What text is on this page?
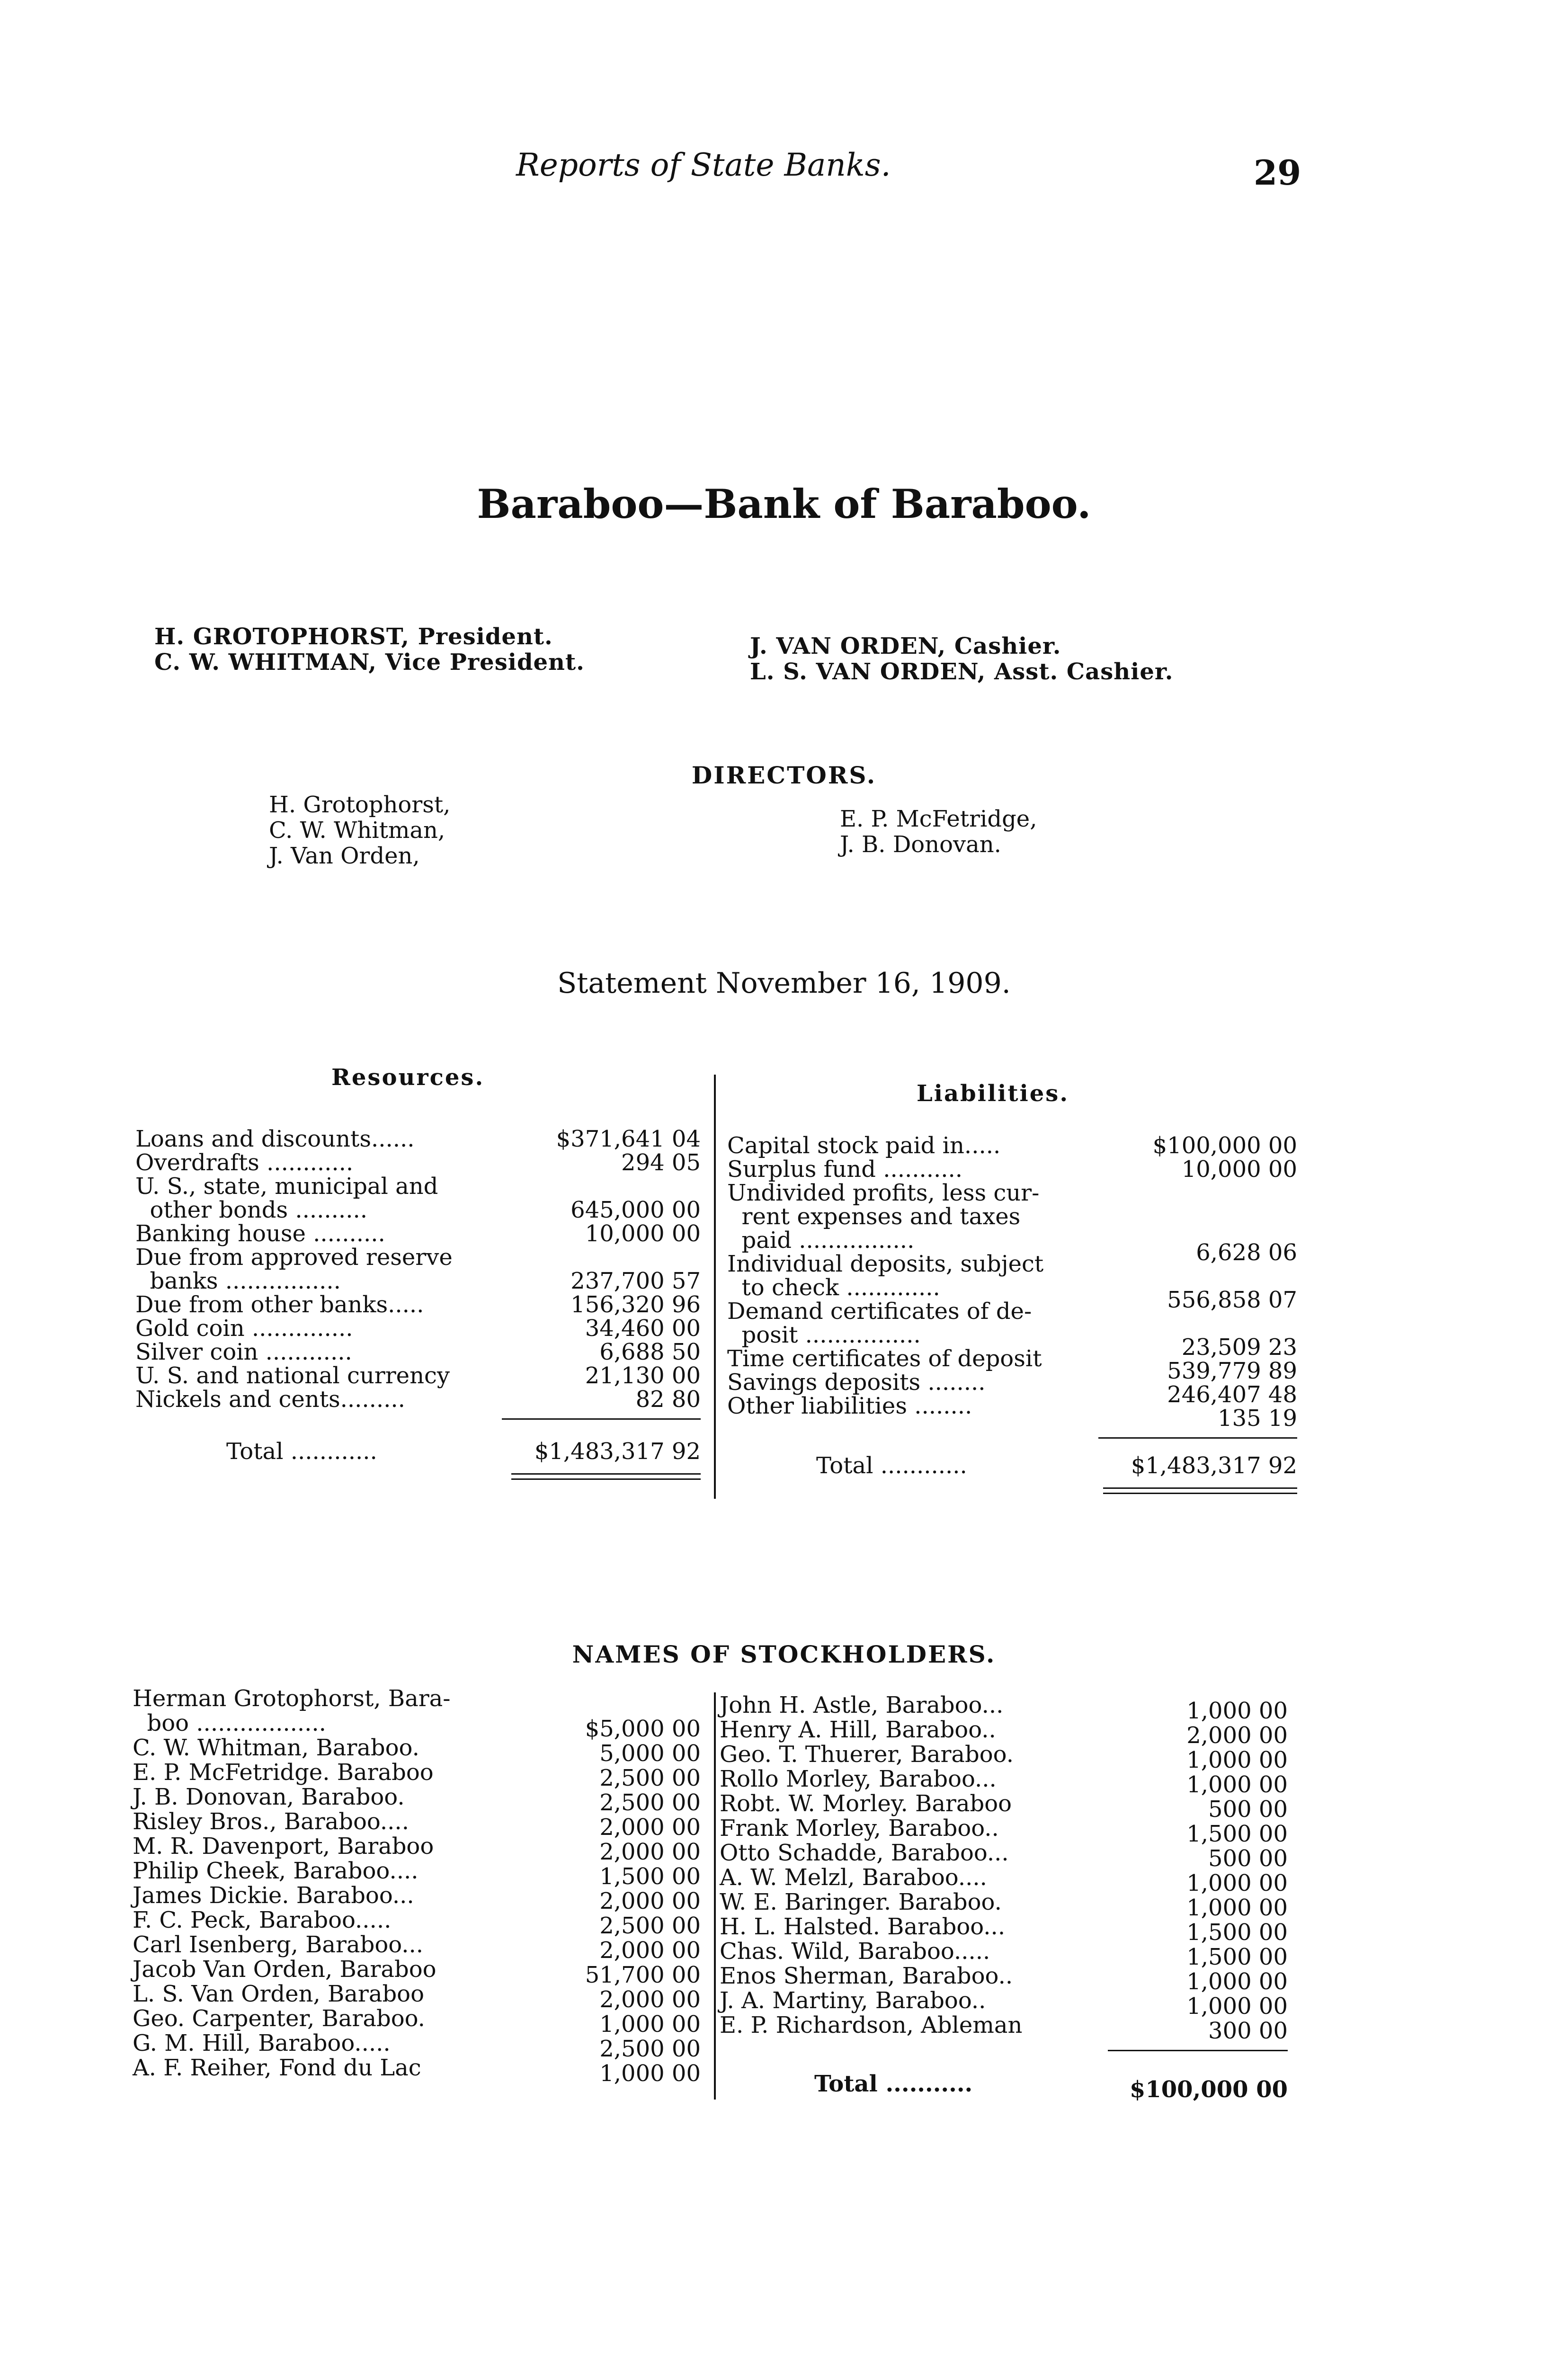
Reports of State Banks.	29
Baraboo—Bank of Baraboo.
H. GROTOPHORST, President.
C. W. WHITMAN, Vice President.
J. VAN ORDEN, Cashier.
L. S. VAN ORDEN, Asst. Cashier.
DIRECTORS.
H. Grotophorst,
C. W. Whitman,
J. Van Orden,
E. P. McFetridge,
J. B. Donovan.
Statement November 16, 1909.
Resources.
Liabilities.
Loans and discounts......	$371,641 04
Overdrafts ............	294 05
U. S., state, municipal and
other bonds ..........	645,000 00
Banking house ..........	10,000 00
Due from approved reserve
banks ................	237,700 57
Due from other banks.....	156,320 96
Gold coin ..............	34,460 00
Silver coin ............	6,688 50
U. S. and national currency	21,130 00
Nickels and cents.........	82 80
Total ............	$1,483,317 92
Capital stock paid in.....	$100,000 00
Surplus fund ...........	10,000 00
Undivided profits, less cur-
rent expenses and taxes
paid ................	6,628 06
Individual deposits, subject
to check .............	556,858 07
Demand certificates of de-
posit ................	23,509 23
Time certificates of deposit	539,779 89
Savings deposits ........	246,407 48
Other liabilities ........	135 19
Total ............	$1,483,317 92
NAMES OF STOCKHOLDERS.
Herman Grotophorst, Bara-
boo ..................	$5,000 00
C. W. Whitman, Baraboo.	5,000 00
E. P. McFetridge. Baraboo	2,500 00
J. B. Donovan, Baraboo.	2,500 00
Risley Bros., Baraboo....	2,000 00
M. R. Davenport, Baraboo	2,000 00
Philip Cheek, Baraboo....	1,500 00
James Dickie. Baraboo...	2,000 00
F. C. Peck, Baraboo.....	2,500 00
Carl Isenberg, Baraboo...	2,000 00
Jacob Van Orden, Baraboo	51,700 00
L. S. Van Orden, Baraboo	2,000 00
Geo. Carpenter, Baraboo.	1,000 00
G. M. Hill, Baraboo.....	2,500 00
A. F. Reiher, Fond du Lac	1,000 00
John H. Astle, Baraboo...	1,000 00
Henry A. Hill, Baraboo..	2,000 00
Geo. T. Thuerer, Baraboo.	1,000 00
Rollo Morley, Baraboo...	1,000 00
Robt. W. Morley. Baraboo	500 00
Frank Morley, Baraboo..	1,500 00
Otto Schadde, Baraboo...	500 00
A. W. Melzl, Baraboo....	1,000 00
W. E. Baringer. Baraboo.	1,000 00
H. L. Halsted. Baraboo...	1,500 00
Chas. Wild, Baraboo.....	1,500 00
Enos Sherman, Baraboo..	1,000 00
J. A. Martiny, Baraboo..	1,000 00
E. P. Richardson, Ableman	300 00
Total ...........	$100,000 00
